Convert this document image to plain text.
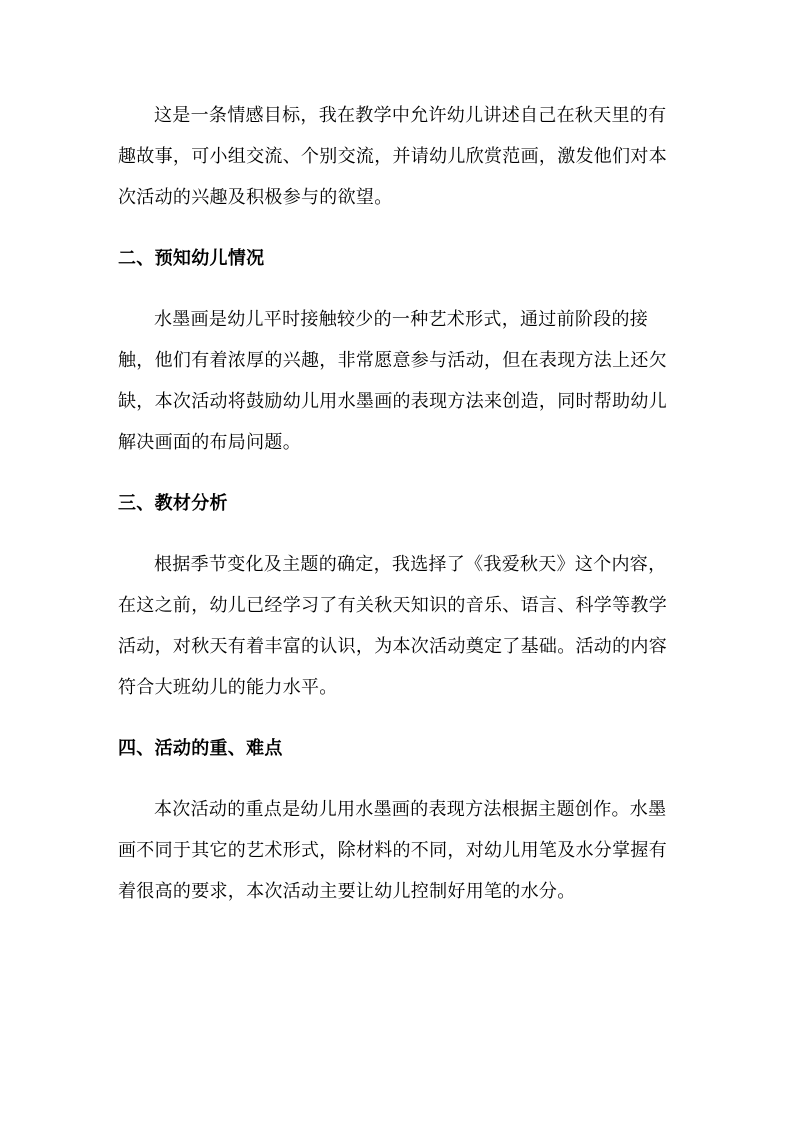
这是一条情感目标，我在教学中允许幼儿讲述自己在秋天里的有
趣故事，可小组交流、个别交流，并请幼儿欣赏范画，激发他们对本
次活动的兴趣及积极参与的欲望。

二、预知幼儿情况

水墨画是幼儿平时接触较少的一种艺术形式，通过前阶段的接
触，他们有着浓厚的兴趣，非常愿意参与活动，但在表现方法上还欠
缺，本次活动将鼓励幼儿用水墨画的表现方法来创造，同时帮助幼儿
解决画面的布局问题。

三、教材分析

根据季节变化及主题的确定，我选择了《我爱秋天》这个内容，
在这之前，幼儿已经学习了有关秋天知识的音乐、语言、科学等教学
活动，对秋天有着丰富的认识，为本次活动奠定了基础。活动的内容
符合大班幼儿的能力水平。

四、活动的重、难点

本次活动的重点是幼儿用水墨画的表现方法根据主题创作。水墨
画不同于其它的艺术形式，除材料的不同，对幼儿用笔及水分掌握有
着很高的要求，本次活动主要让幼儿控制好用笔的水分。
